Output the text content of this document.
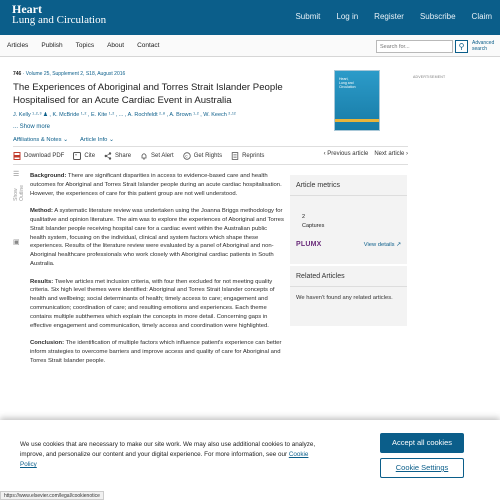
Heart
Lung and Circulation	Submit Log in Register Subscribe Claim
Articles Publish Topics About Contact
Search for...	⚲	Advanced
search
746 · Volume 25, Supplement 2, S18, August 2016
The Experiences of Aboriginal and Torres Strait Islander People Hospitalised for an Acute Cardiac Event in Australia
J. Kelly ¹·²·³ ♟ , K. McBride ¹·² , E. Kite ¹·² , ... , A. Rochfeldt ²·⁸ , A. Brown ¹·² , W. Keech ²·¹²
... Show more
Affiliations & Notes ⌄ Article Info ⌄
Heart,
Lung and
Circulation
ADVERTISEMENT
Download PDF " Cite	Share	Set Alert c Get Rights	Reprints	‹ Previous article Next article ›
☰
Show Outline
▣

Background: There are significant disparities in access to evidence-based care and health outcomes for Aboriginal and Torres Strait Islander people during an acute cardiac hospitalisation. However, the experiences of care for this patient group are not well understood.

Method: A systematic literature review was undertaken using the Joanna Briggs methodology for qualitative and opinion literature. The aim was to explore the experiences of Aboriginal and Torres Strait Islander people receiving hospital care for a cardiac event within the Australian public health system, focusing on the individual, clinical and system factors which shape these experiences. Results of the literature review were evaluated by a panel of Aboriginal and non-Aboriginal healthcare professionals who work closely with Aboriginal cardiac patients in South Australia.

Results: Twelve articles met inclusion criteria, with four then excluded for not meeting quality criteria. Six high level themes were identified: Aboriginal and Torres Strait Islander concepts of health and wellbeing; social determinants of health; timely access to care; engagement and communication; coordination of care; and resulting emotions and experiences. Each theme contains multiple subthemes which explain the concepts in more detail. Concerning gaps in effective engagement and communication, timely access and coordination were highlighted.

Conclusion: The identification of multiple factors which influence patient's experience can better inform strategies to overcome barriers and improve access and quality of care for Aboriginal and Torres Strait Islander people.

Article metrics
2
Captures
PLUMX	View details ↗
Related Articles
We haven't found any related articles.
We use cookies that are necessary to make our site work. We may also use additional cookies to analyze, improve, and personalize our content and your digital experience. For more information, see our Cookie Policy
Accept all cookies
Cookie Settings
https://www.elsevier.com/legal/cookienotice
